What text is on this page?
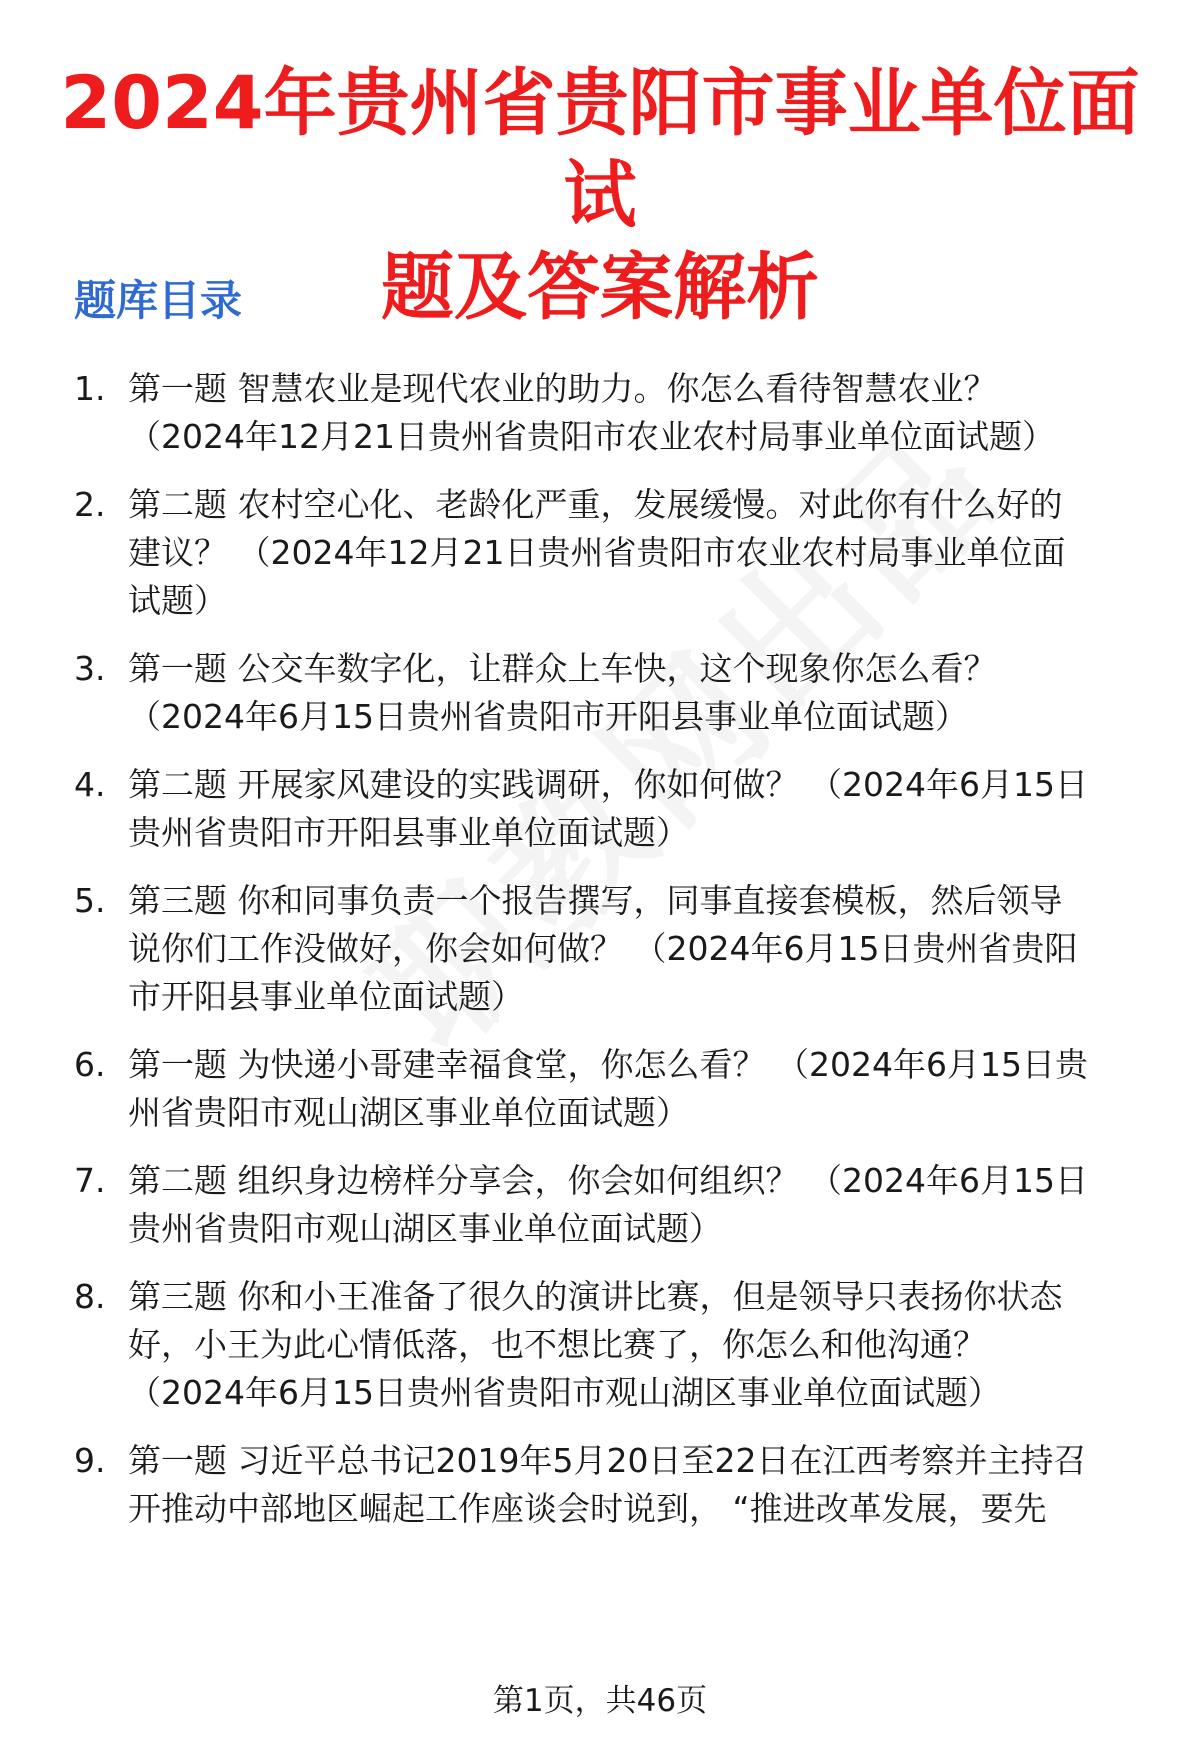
2024年贵州省贵阳市事业单位面试
题及答案解析
题库目录
1. 第一题 智慧农业是现代农业的助力。你怎么看待智慧农业？
（2024年12月21日贵州省贵阳市农业农村局事业单位面试题）
2. 第二题 农村空心化、老龄化严重，发展缓慢。对此你有什么好的
建议？ （2024年12月21日贵州省贵阳市农业农村局事业单位面
试题）
3. 第一题 公交车数字化，让群众上车快，这个现象你怎么看？
（2024年6月15日贵州省贵阳市开阳县事业单位面试题）
4. 第二题 开展家风建设的实践调研，你如何做？ （2024年6月15日
贵州省贵阳市开阳县事业单位面试题）
5. 第三题 你和同事负责一个报告撰写，同事直接套模板，然后领导
说你们工作没做好，你会如何做？ （2024年6月15日贵州省贵阳
市开阳县事业单位面试题）
6. 第一题 为快递小哥建幸福食堂，你怎么看？ （2024年6月15日贵
州省贵阳市观山湖区事业单位面试题）
7. 第二题 组织身边榜样分享会，你会如何组织？ （2024年6月15日
贵州省贵阳市观山湖区事业单位面试题）
8. 第三题 你和小王准备了很久的演讲比赛，但是领导只表扬你状态
好，小王为此心情低落，也不想比赛了，你怎么和他沟通？
（2024年6月15日贵州省贵阳市观山湖区事业单位面试题）
9. 第一题 习近平总书记2019年5月20日至22日在江西考察并主持召
开推动中部地区崛起工作座谈会时说到， “推进改革发展，要先
第1页，共46页
